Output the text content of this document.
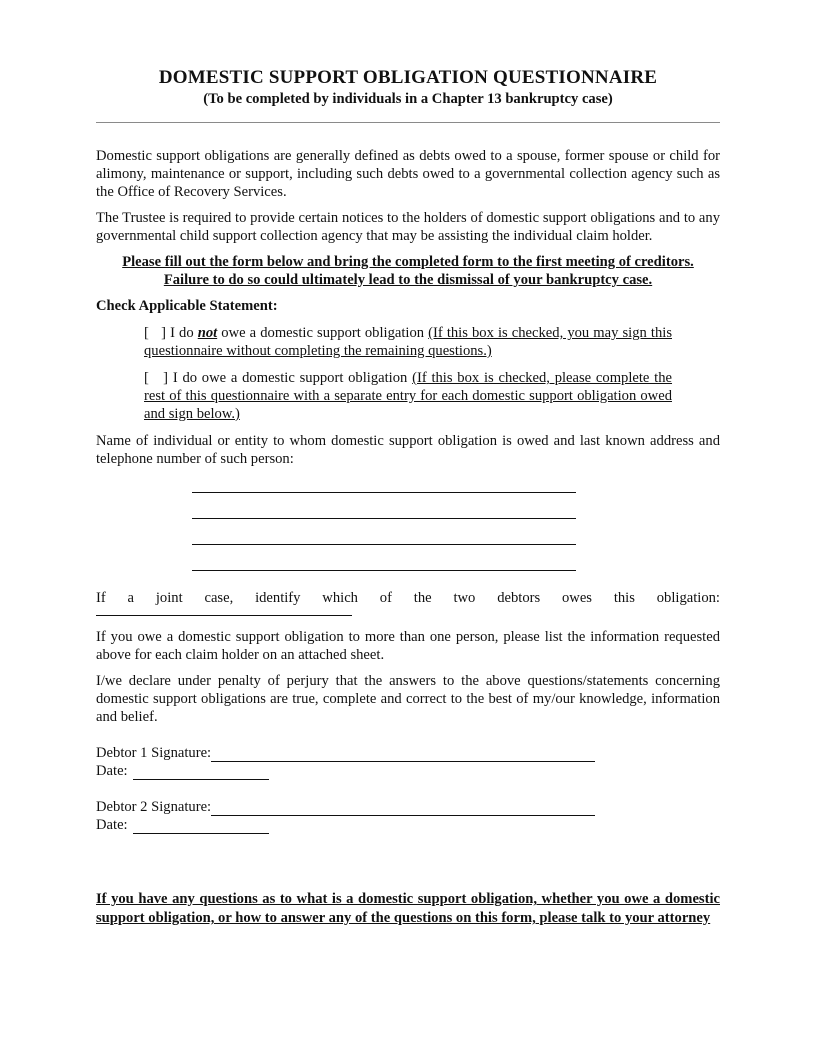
DOMESTIC SUPPORT OBLIGATION QUESTIONNAIRE
(To be completed by individuals in a Chapter 13 bankruptcy case)

Domestic support obligations are generally defined as debts owed to a spouse, former spouse or child for alimony, maintenance or support, including such debts owed to a governmental collection agency such as the Office of Recovery Services.

The Trustee is required to provide certain notices to the holders of domestic support obligations and to any governmental child support collection agency that may be assisting the individual claim holder.

Please fill out the form below and bring the completed form to the first meeting of creditors.
Failure to do so could ultimately lead to the dismissal of your bankruptcy case.
Check Applicable Statement:

[   ] I do not owe a domestic support obligation (If this box is checked, you may sign this questionnaire without completing the remaining questions.)

[   ] I do owe a domestic support obligation (If this box is checked, please complete the rest of this questionnaire with a separate entry for each domestic support obligation owed and sign below.)

Name of individual or entity to whom domestic support obligation is owed and last known address and telephone number of such person:

If a joint case, identify which of the two debtors owes this obligation:

If you owe a domestic support obligation to more than one person, please list the information requested above for each claim holder on an attached sheet.

I/we declare under penalty of perjury that the answers to the above questions/statements concerning domestic support obligations are true, complete and correct to the best of my/our knowledge, information and belief.

Debtor 1 Signature:
Date:
Debtor 2 Signature:
Date:

If you have any questions as to what is a domestic support obligation, whether you owe a domestic support obligation, or how to answer any of the questions on this form, please talk to your attorney
